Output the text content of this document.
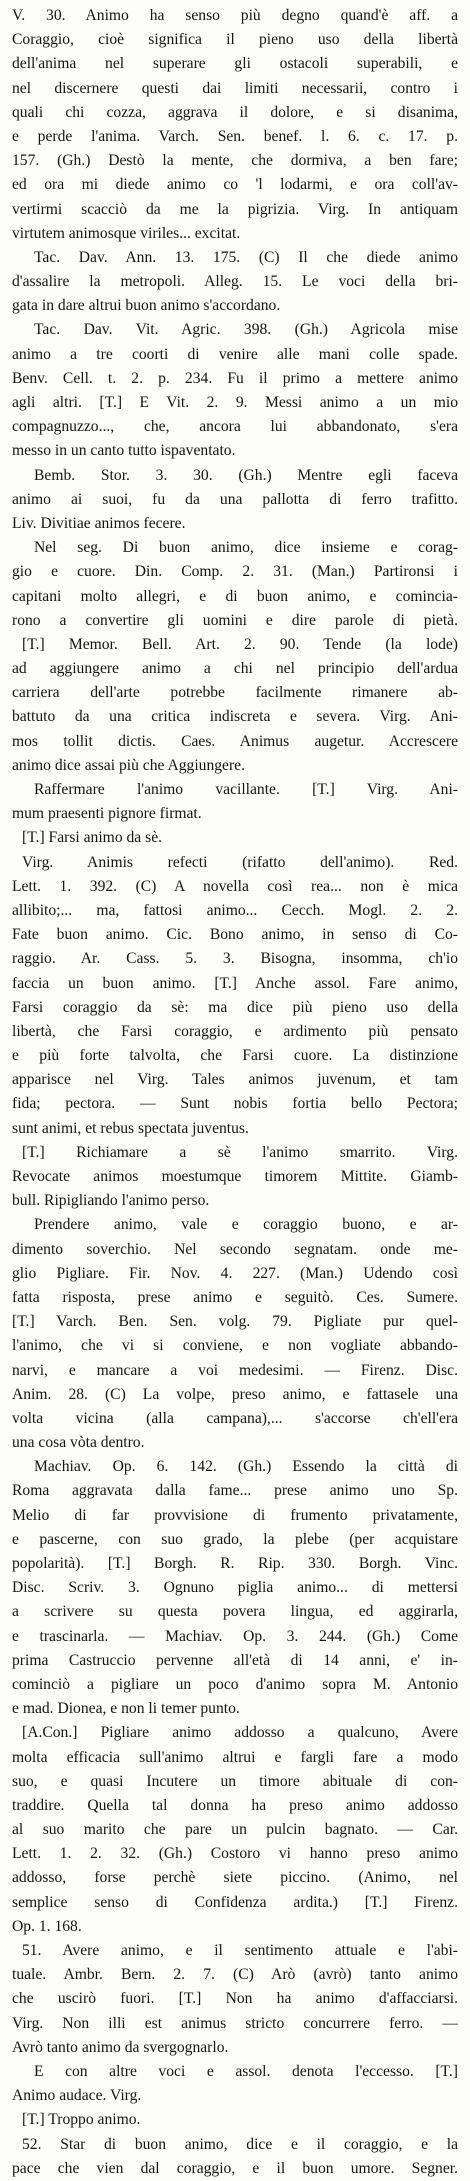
V. 30. Animo ha senso più degno quand'è aff. a
Coraggio, cioè significa il pieno uso della libertà
dell'anima nel superare gli ostacoli superabili, e
nel discernere questi dai limiti necessarii, contro i
quali chi cozza, aggrava il dolore, e si disanima,
e perde l'anima. Varch. Sen. benef. l. 6. c. 17. p.
157. (Gh.) Destò la mente, che dormiva, a ben fare;
ed ora mi diede animo co 'l lodarmi, e ora coll'av-
vertirmi scacciò da me la pigrizia. Virg. In antiquam
virtutem animosque viriles... excitat.
Tac. Dav. Ann. 13. 175. (C) Il che diede animo
d'assalire la metropoli. Alleg. 15. Le voci della bri-
gata in dare altrui buon animo s'accordano.
Tac. Dav. Vit. Agric. 398. (Gh.) Agricola mise
animo a tre coorti di venire alle mani colle spade.
Benv. Cell. t. 2. p. 234. Fu il primo a mettere animo
agli altri. [T.] E Vit. 2. 9. Messi animo a un mio
compagnuzzo..., che, ancora lui abbandonato, s'era
messo in un canto tutto ispaventato.
Bemb. Stor. 3. 30. (Gh.) Mentre egli faceva
animo ai suoi, fu da una pallotta di ferro trafitto.
Liv. Divitiae animos fecere.
Nel seg. Di buon animo, dice insieme e corag-
gio e cuore. Din. Comp. 2. 31. (Man.) Partironsi i
capitani molto allegri, e di buon animo, e comincia-
rono a convertire gli uomini e dire parole di pietà.
[T.] Memor. Bell. Art. 2. 90. Tende (la lode)
ad aggiungere animo a chi nel principio dell'ardua
carriera dell'arte potrebbe facilmente rimanere ab-
battuto da una critica indiscreta e severa. Virg. Ani-
mos tollit dictis. Caes. Animus augetur. Accrescere
animo dice assai più che Aggiungere.
Raffermare l'animo vacillante. [T.] Virg. Ani-
mum praesenti pignore firmat.
[T.] Farsi animo da sè.
Virg. Animis refecti (rifatto dell'animo). Red.
Lett. 1. 392. (C) A novella così rea... non è mica
allibito;... ma, fattosi animo... Cecch. Mogl. 2. 2.
Fate buon animo. Cic. Bono animo, in senso di Co-
raggio. Ar. Cass. 5. 3. Bisogna, insomma, ch'io
faccia un buon animo. [T.] Anche assol. Fare animo,
Farsi coraggio da sè: ma dice più pieno uso della
libertà, che Farsi coraggio, e ardimento più pensato
e più forte talvolta, che Farsi cuore. La distinzione
apparisce nel Virg. Tales animos juvenum, et tam
fida; pectora. — Sunt nobis fortia bello Pectora;
sunt animi, et rebus spectata juventus.
[T.] Richiamare a sè l'animo smarrito. Virg.
Revocate animos moestumque timorem Mittite. Giamb-
bull. Ripigliando l'animo perso.
Prendere animo, vale e coraggio buono, e ar-
dimento soverchio. Nel secondo segnatam. onde me-
glio Pigliare. Fir. Nov. 4. 227. (Man.) Udendo così
fatta risposta, prese animo e seguitò. Ces. Sumere.
[T.] Varch. Ben. Sen. volg. 79. Pigliate pur quel-
l'animo, che vi si conviene, e non vogliate abbando-
narvi, e mancare a voi medesimi. — Firenz. Disc.
Anim. 28. (C) La volpe, preso animo, e fattasele una
volta vicina (alla campana),... s'accorse ch'ell'era
una cosa vòta dentro.
Machiav. Op. 6. 142. (Gh.) Essendo la città di
Roma aggravata dalla fame... prese animo uno Sp.
Melio di far provvisione di frumento privatamente,
e pascerne, con suo grado, la plebe (per acquistare
popolarità). [T.] Borgh. R. Rip. 330. Borgh. Vinc.
Disc. Scriv. 3. Ognuno piglia animo... di mettersi
a scrivere su questa povera lingua, ed aggirarla,
e trascinarla. — Machiav. Op. 3. 244. (Gh.) Come
prima Castruccio pervenne all'età di 14 anni, e' in-
cominciò a pigliare un poco d'animo sopra M. Antonio
e mad. Dionea, e non li temer punto.
[A.Con.] Pigliare animo addosso a qualcuno, Avere
molta efficacia sull'animo altrui e fargli fare a modo
suo, e quasi Incutere un timore abituale di con-
traddire. Quella tal donna ha preso animo addosso
al suo marito che pare un pulcin bagnato. — Car.
Lett. 1. 2. 32. (Gh.) Costoro vi hanno preso animo
addosso, forse perchè siete piccino. (Animo, nel
semplice senso di Confidenza ardita.) [T.] Firenz.
Op. 1. 168.
51. Avere animo, e il sentimento attuale e l'abi-
tuale. Ambr. Bern. 2. 7. (C) Arò (avrò) tanto animo
che uscirò fuori. [T.] Non ha animo d'affacciarsi.
Virg. Non illi est animus stricto concurrere ferro. —
Avrò tanto animo da svergognarlo.
E con altre voci e assol. denota l'eccesso. [T.]
Animo audace. Virg.
[T.] Troppo animo.
52. Star di buon animo, dice e il coraggio, e la
pace che vien dal coraggio, e il buon umore. Segner.
